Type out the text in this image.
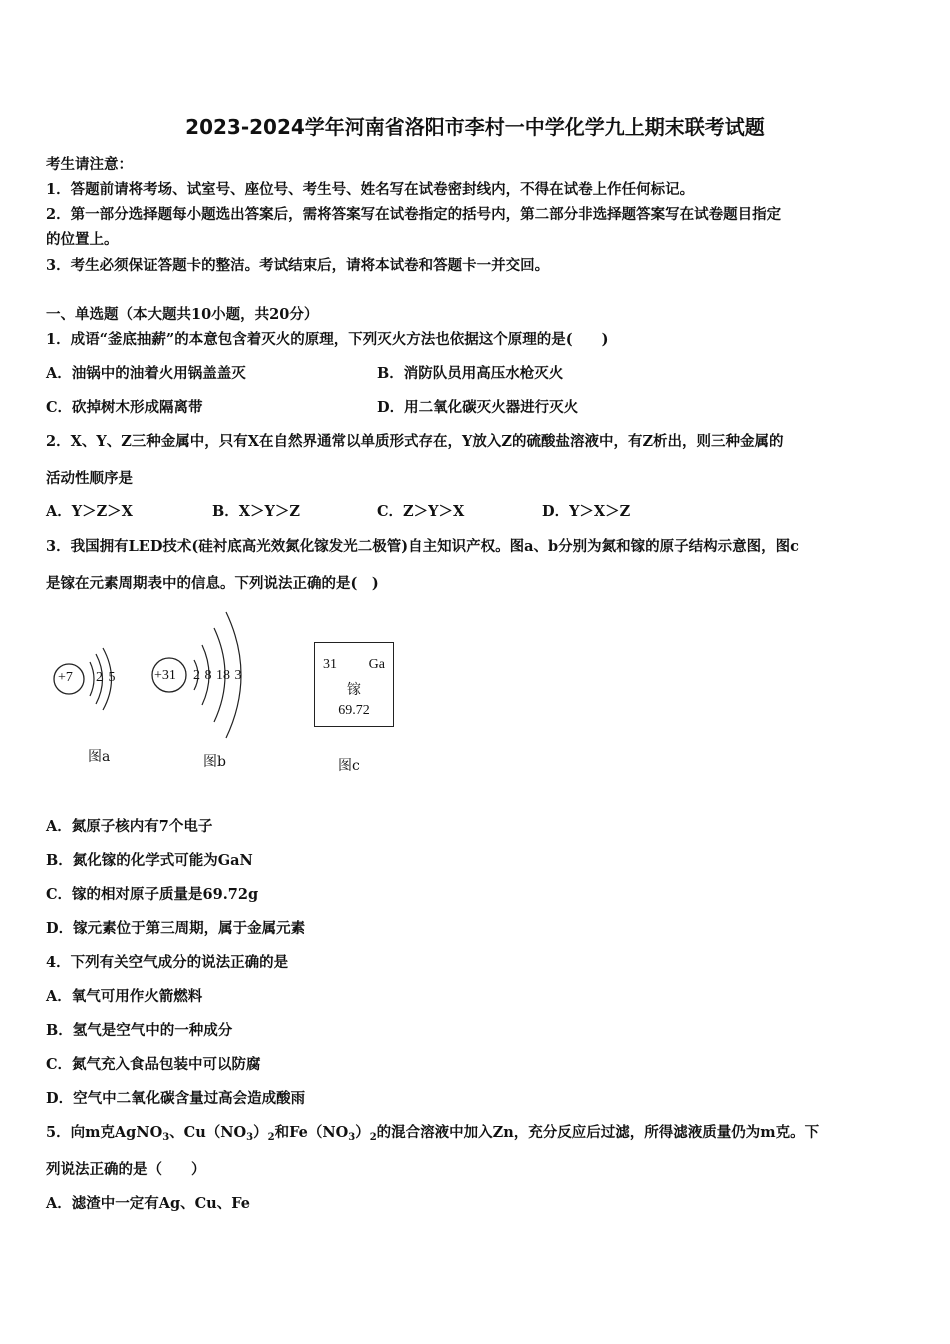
2023-2024学年河南省洛阳市李村一中学化学九上期末联考试题
考生请注意：
1．答题前请将考场、试室号、座位号、考生号、姓名写在试卷密封线内，不得在试卷上作任何标记。
2．第一部分选择题每小题选出答案后，需将答案写在试卷指定的括号内，第二部分非选择题答案写在试卷题目指定
的位置上。
3．考生必须保证答题卡的整洁。考试结束后，请将本试卷和答题卡一并交回。
一、单选题（本大题共10小题，共20分）
1．成语“釜底抽薪”的本意包含着灭火的原理，下列灭火方法也依据这个原理的是(　　)
A．油锅中的油着火用锅盖盖灭	B．消防队员用高压水枪灭火
C．砍掉树木形成隔离带	D．用二氧化碳灭火器进行灭火
2．X、Y、Z三种金属中，只有X在自然界通常以单质形式存在，Y放入Z的硫酸盐溶液中，有Z析出，则三种金属的
活动性顺序是
A．Y＞Z＞X	B．X＞Y＞Z	C．Z＞Y＞X	D．Y＞X＞Z
3．我国拥有LED技术(硅衬底高光效氮化镓发光二极管)自主知识产权。图a、b分别为氮和镓的原子结构示意图，图c
是镓在元素周期表中的信息。下列说法正确的是(　)
+7 2 5
图a
+31 2 8 18 3
图b
31 Ga
镓
69.72
图c
A．氮原子核内有7个电子
B．氮化镓的化学式可能为GaN
C．镓的相对原子质量是69.72g
D．镓元素位于第三周期，属于金属元素
4．下列有关空气成分的说法正确的是
A．氧气可用作火箭燃料
B．氢气是空气中的一种成分
C．氮气充入食品包装中可以防腐
D．空气中二氧化碳含量过高会造成酸雨
5．向m克AgNO$_3$、$Cu(NO_3)_2$和$Fe(NO_3)_2$的混合溶液中加入Zn，充分反应后过滤，所得滤液质量仍为m克。下
列说法正确的是（　　）
A．滤渣中一定有Ag、Cu、Fe
